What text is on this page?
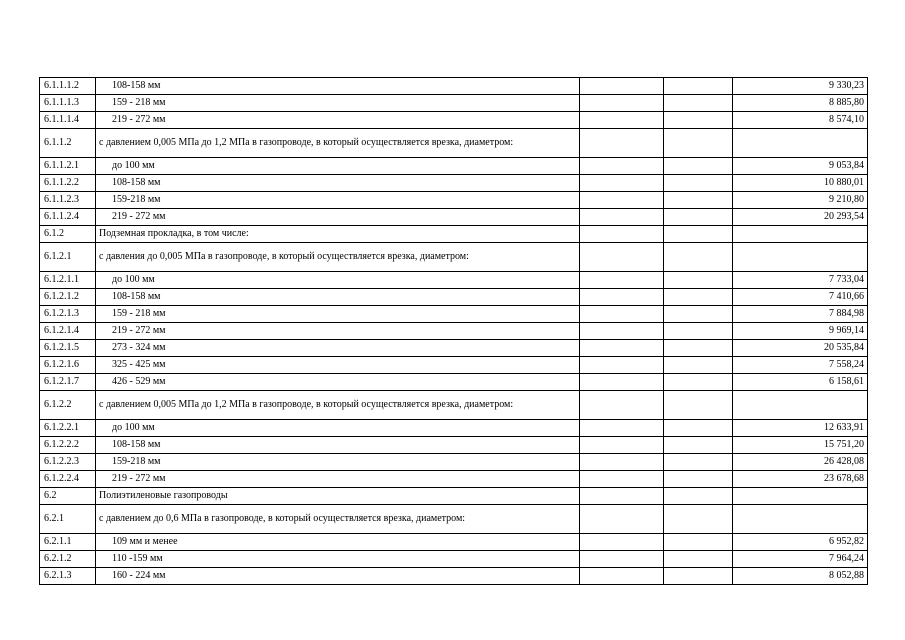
6.1.1.1.2	108-158 мм			9 330,23
6.1.1.1.3	159 - 218 мм			8 885,80
6.1.1.1.4	219 - 272 мм			8 574,10
6.1.1.2	с давлением 0,005 МПа до 1,2 МПа в газопроводе, в который осуществляется врезка, диаметром:			
6.1.1.2.1	до 100 мм			9 053,84
6.1.1.2.2	108-158 мм			10 880,01
6.1.1.2.3	159-218 мм			9 210,80
6.1.1.2.4	219 - 272 мм			20 293,54
6.1.2	Подземная прокладка, в том числе:			
6.1.2.1	с давления до 0,005 МПа в газопроводе, в который осуществляется врезка, диаметром:			
6.1.2.1.1	до 100 мм			7 733,04
6.1.2.1.2	108-158 мм			7 410,66
6.1.2.1.3	159 - 218 мм			7 884,98
6.1.2.1.4	219 - 272 мм			9 969,14
6.1.2.1.5	273 - 324 мм			20 535,84
6.1.2.1.6	325 - 425 мм			7 558,24
6.1.2.1.7	426 - 529 мм			6 158,61
6.1.2.2	с давлением 0,005 МПа до 1,2 МПа в газопроводе, в который осуществляется врезка, диаметром:			
6.1.2.2.1	до 100 мм			12 633,91
6.1.2.2.2	108-158 мм			15 751,20
6.1.2.2.3	159-218 мм			26 428,08
6.1.2.2.4	219 - 272 мм			23 678,68
6.2	Полиэтиленовые газопроводы			
6.2.1	с давлением до 0,6 МПа в газопроводе, в который осуществляется врезка, диаметром:			
6.2.1.1	109 мм и менее			6 952,82
6.2.1.2	110 -159 мм			7 964,24
6.2.1.3	160 - 224 мм			8 052,88
